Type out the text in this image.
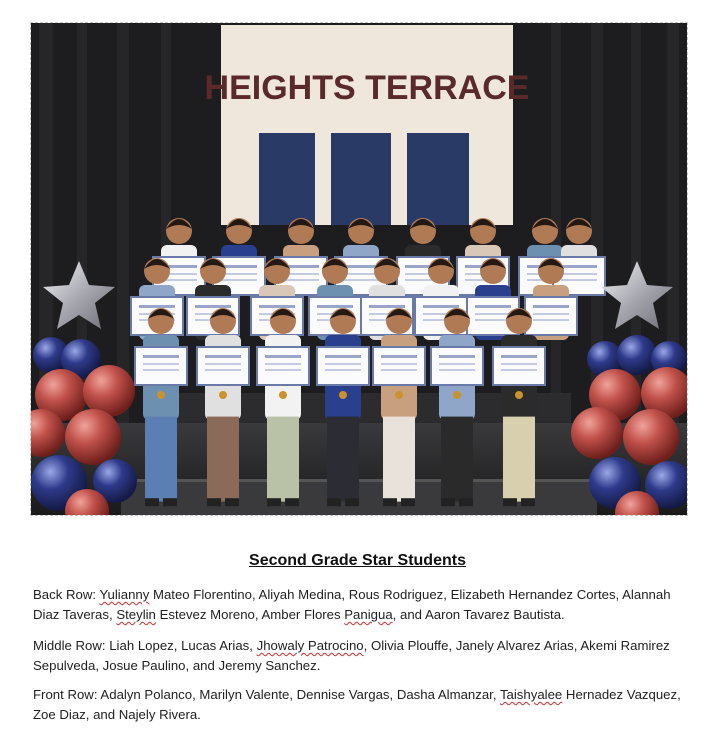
HEIGHTS TERRACE
Second Grade Star Students
Back Row: Yulianny Mateo Florentino, Aliyah Medina, Rous Rodriguez, Elizabeth Hernandez Cortes, Alannah Diaz Taveras, Steylin Estevez Moreno, Amber Flores Panigua, and Aaron Tavarez Bautista.
Middle Row: Liah Lopez, Lucas Arias, Jhowaly Patrocino, Olivia Plouffe, Janely Alvarez Arias, Akemi Ramirez Sepulveda, Josue Paulino, and Jeremy Sanchez.
Front Row: Adalyn Polanco, Marilyn Valente, Dennise Vargas, Dasha Almanzar, Taishyalee Hernadez Vazquez, Zoe Diaz, and Najely Rivera.
